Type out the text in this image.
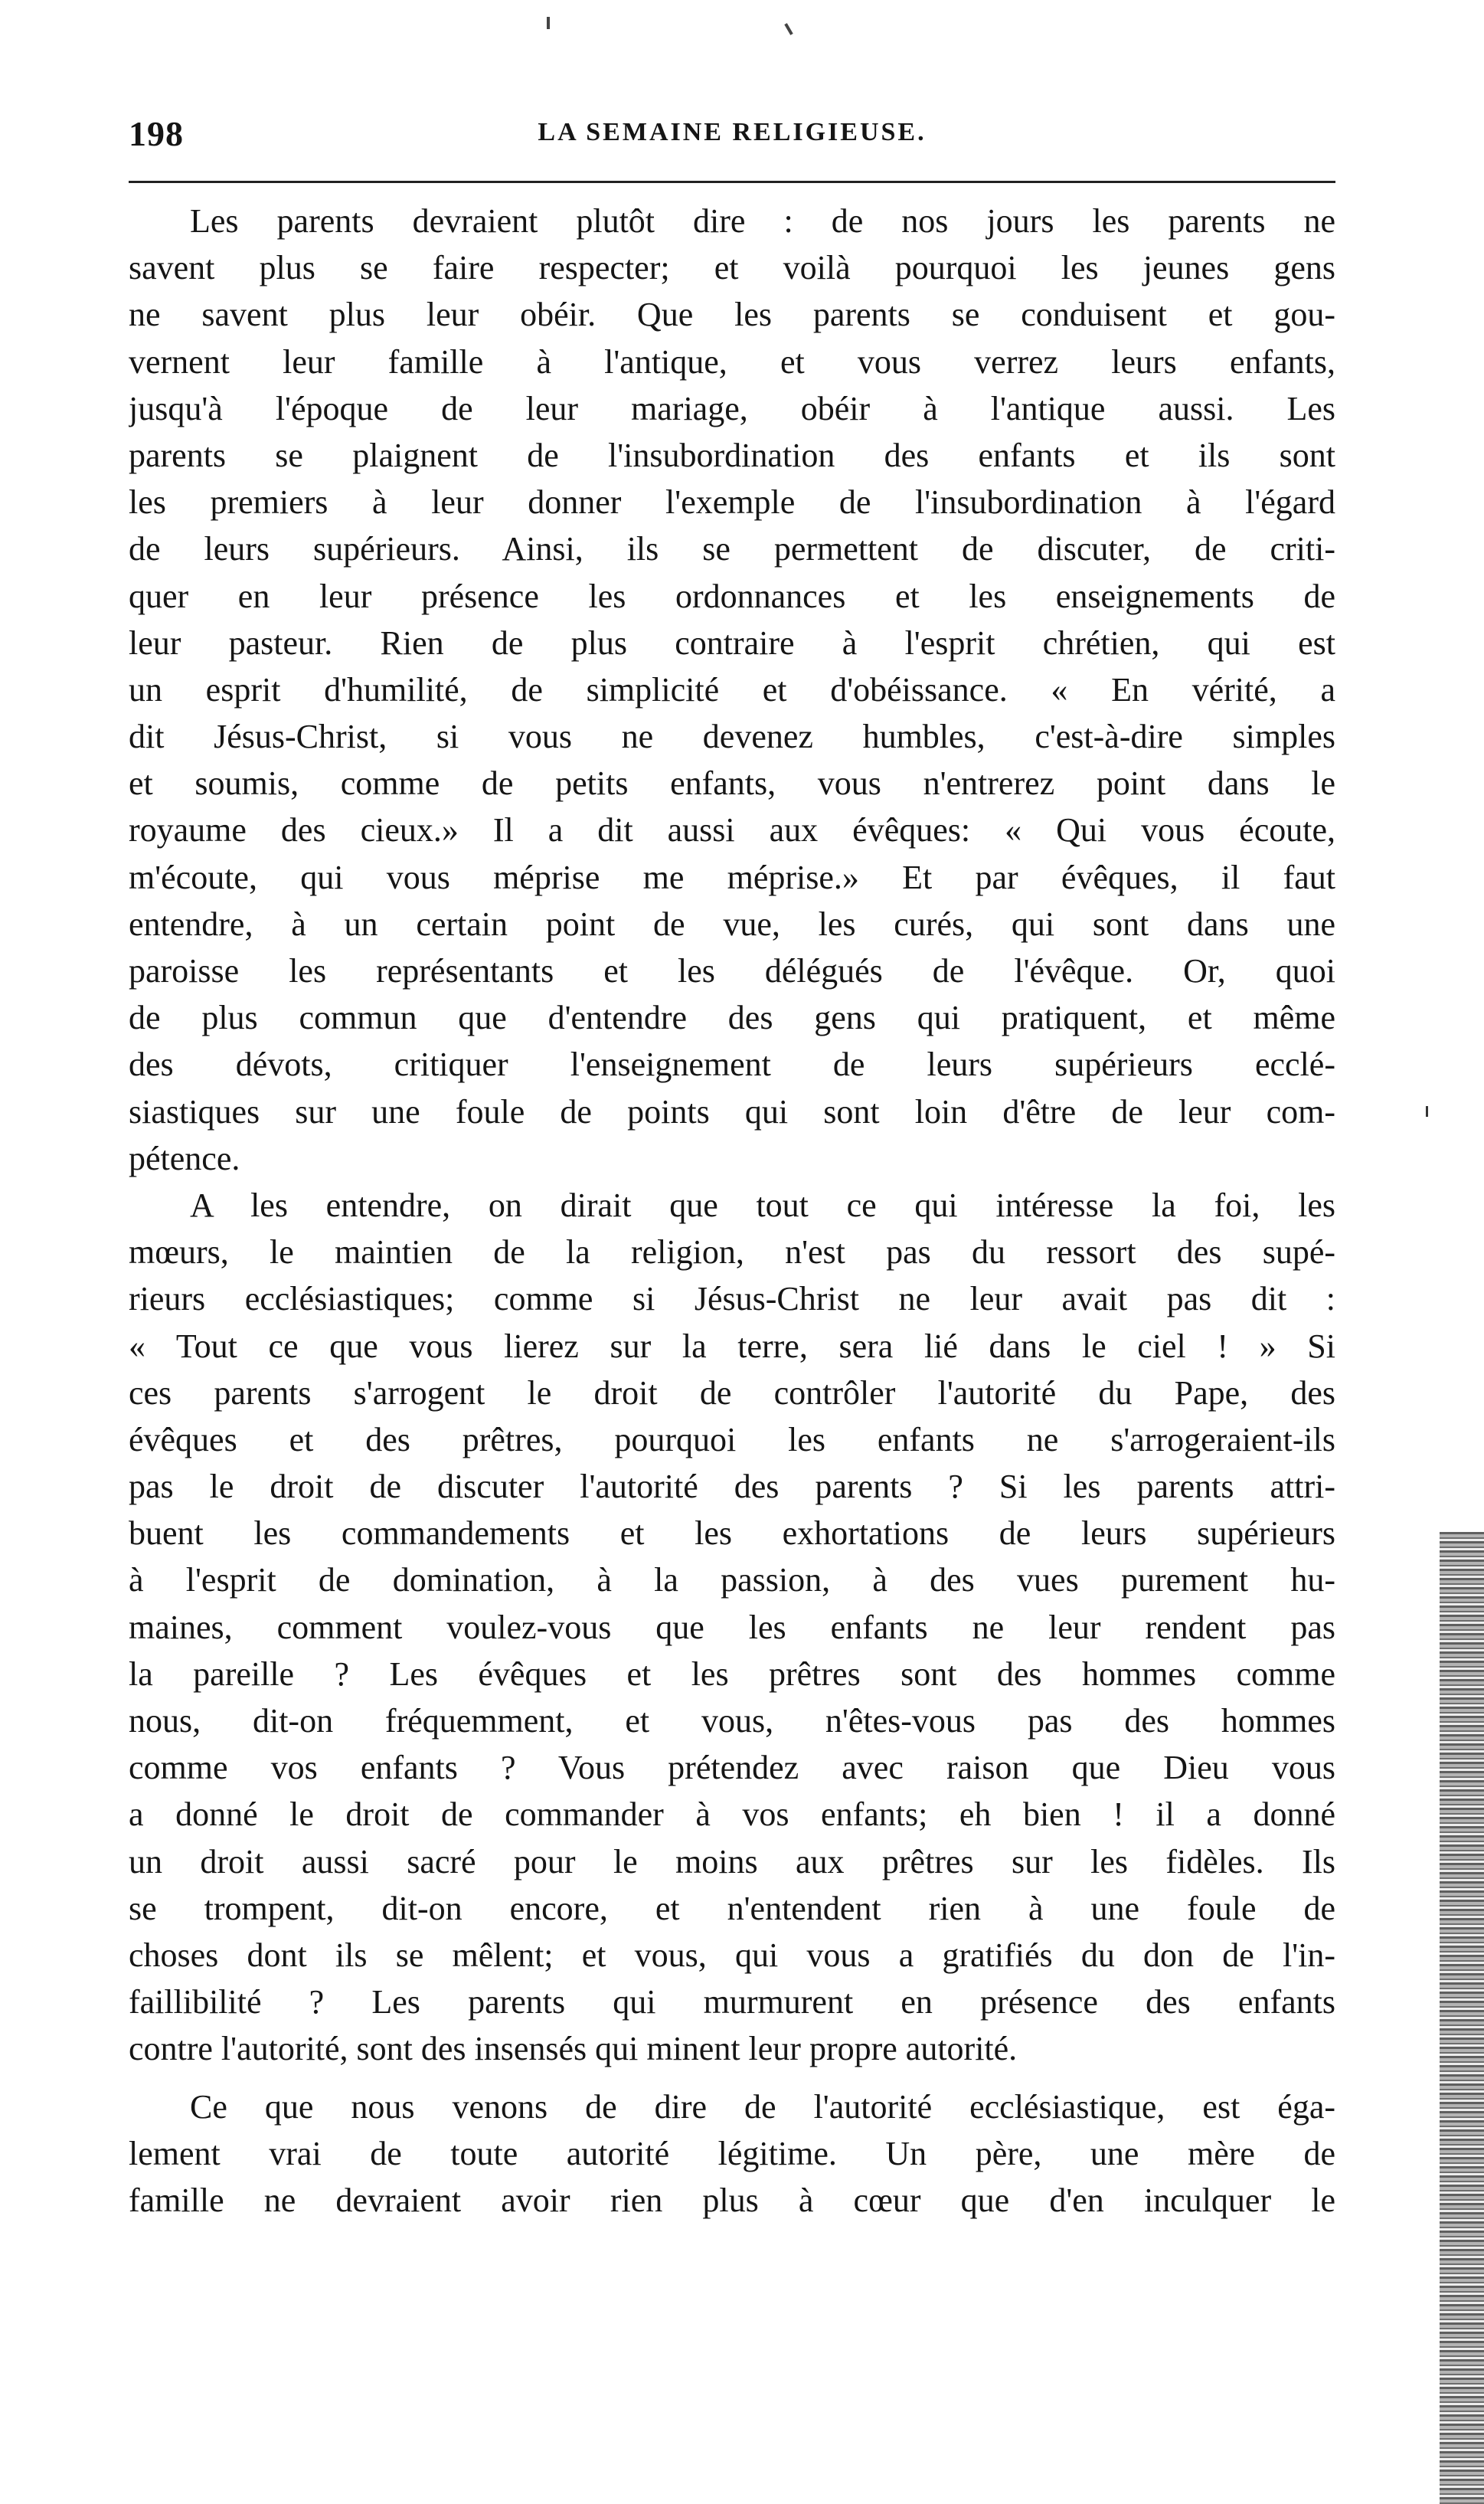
198	LA SEMAINE RELIGIEUSE.
Les parents devraient plutôt dire : de nos jours les parents ne
savent plus se faire respecter; et voilà pourquoi les jeunes gens
ne savent plus leur obéir. Que les parents se conduisent et gou-
vernent leur famille à l'antique, et vous verrez leurs enfants,
jusqu'à l'époque de leur mariage, obéir à l'antique aussi. Les
parents se plaignent de l'insubordination des enfants et ils sont
les premiers à leur donner l'exemple de l'insubordination à l'égard
de leurs supérieurs. Ainsi, ils se permettent de discuter, de criti-
quer en leur présence les ordonnances et les enseignements de
leur pasteur. Rien de plus contraire à l'esprit chrétien, qui est
un esprit d'humilité, de simplicité et d'obéissance. « En vérité, a
dit Jésus-Christ, si vous ne devenez humbles, c'est-à-dire simples
et soumis, comme de petits enfants, vous n'entrerez point dans le
royaume des cieux.» Il a dit aussi aux évêques: « Qui vous écoute,
m'écoute, qui vous méprise me méprise.» Et par évêques, il faut
entendre, à un certain point de vue, les curés, qui sont dans une
paroisse les représentants et les délégués de l'évêque. Or, quoi
de plus commun que d'entendre des gens qui pratiquent, et même
des dévots, critiquer l'enseignement de leurs supérieurs ecclé-
siastiques sur une foule de points qui sont loin d'être de leur com-
pétence.
A les entendre, on dirait que tout ce qui intéresse la foi, les
mœurs, le maintien de la religion, n'est pas du ressort des supé-
rieurs ecclésiastiques; comme si Jésus-Christ ne leur avait pas dit :
« Tout ce que vous lierez sur la terre, sera lié dans le ciel ! » Si
ces parents s'arrogent le droit de contrôler l'autorité du Pape, des
évêques et des prêtres, pourquoi les enfants ne s'arrogeraient-ils
pas le droit de discuter l'autorité des parents ? Si les parents attri-
buent les commandements et les exhortations de leurs supérieurs
à l'esprit de domination, à la passion, à des vues purement hu-
maines, comment voulez-vous que les enfants ne leur rendent pas
la pareille ? Les évêques et les prêtres sont des hommes comme
nous, dit-on fréquemment, et vous, n'êtes-vous pas des hommes
comme vos enfants ? Vous prétendez avec raison que Dieu vous
a donné le droit de commander à vos enfants; eh bien ! il a donné
un droit aussi sacré pour le moins aux prêtres sur les fidèles. Ils
se trompent, dit-on encore, et n'entendent rien à une foule de
choses dont ils se mêlent; et vous, qui vous a gratifiés du don de l'in-
faillibilité ? Les parents qui murmurent en présence des enfants
contre l'autorité, sont des insensés qui minent leur propre autorité.
Ce que nous venons de dire de l'autorité ecclésiastique, est éga-
lement vrai de toute autorité légitime. Un père, une mère de
famille ne devraient avoir rien plus à cœur que d'en inculquer le
